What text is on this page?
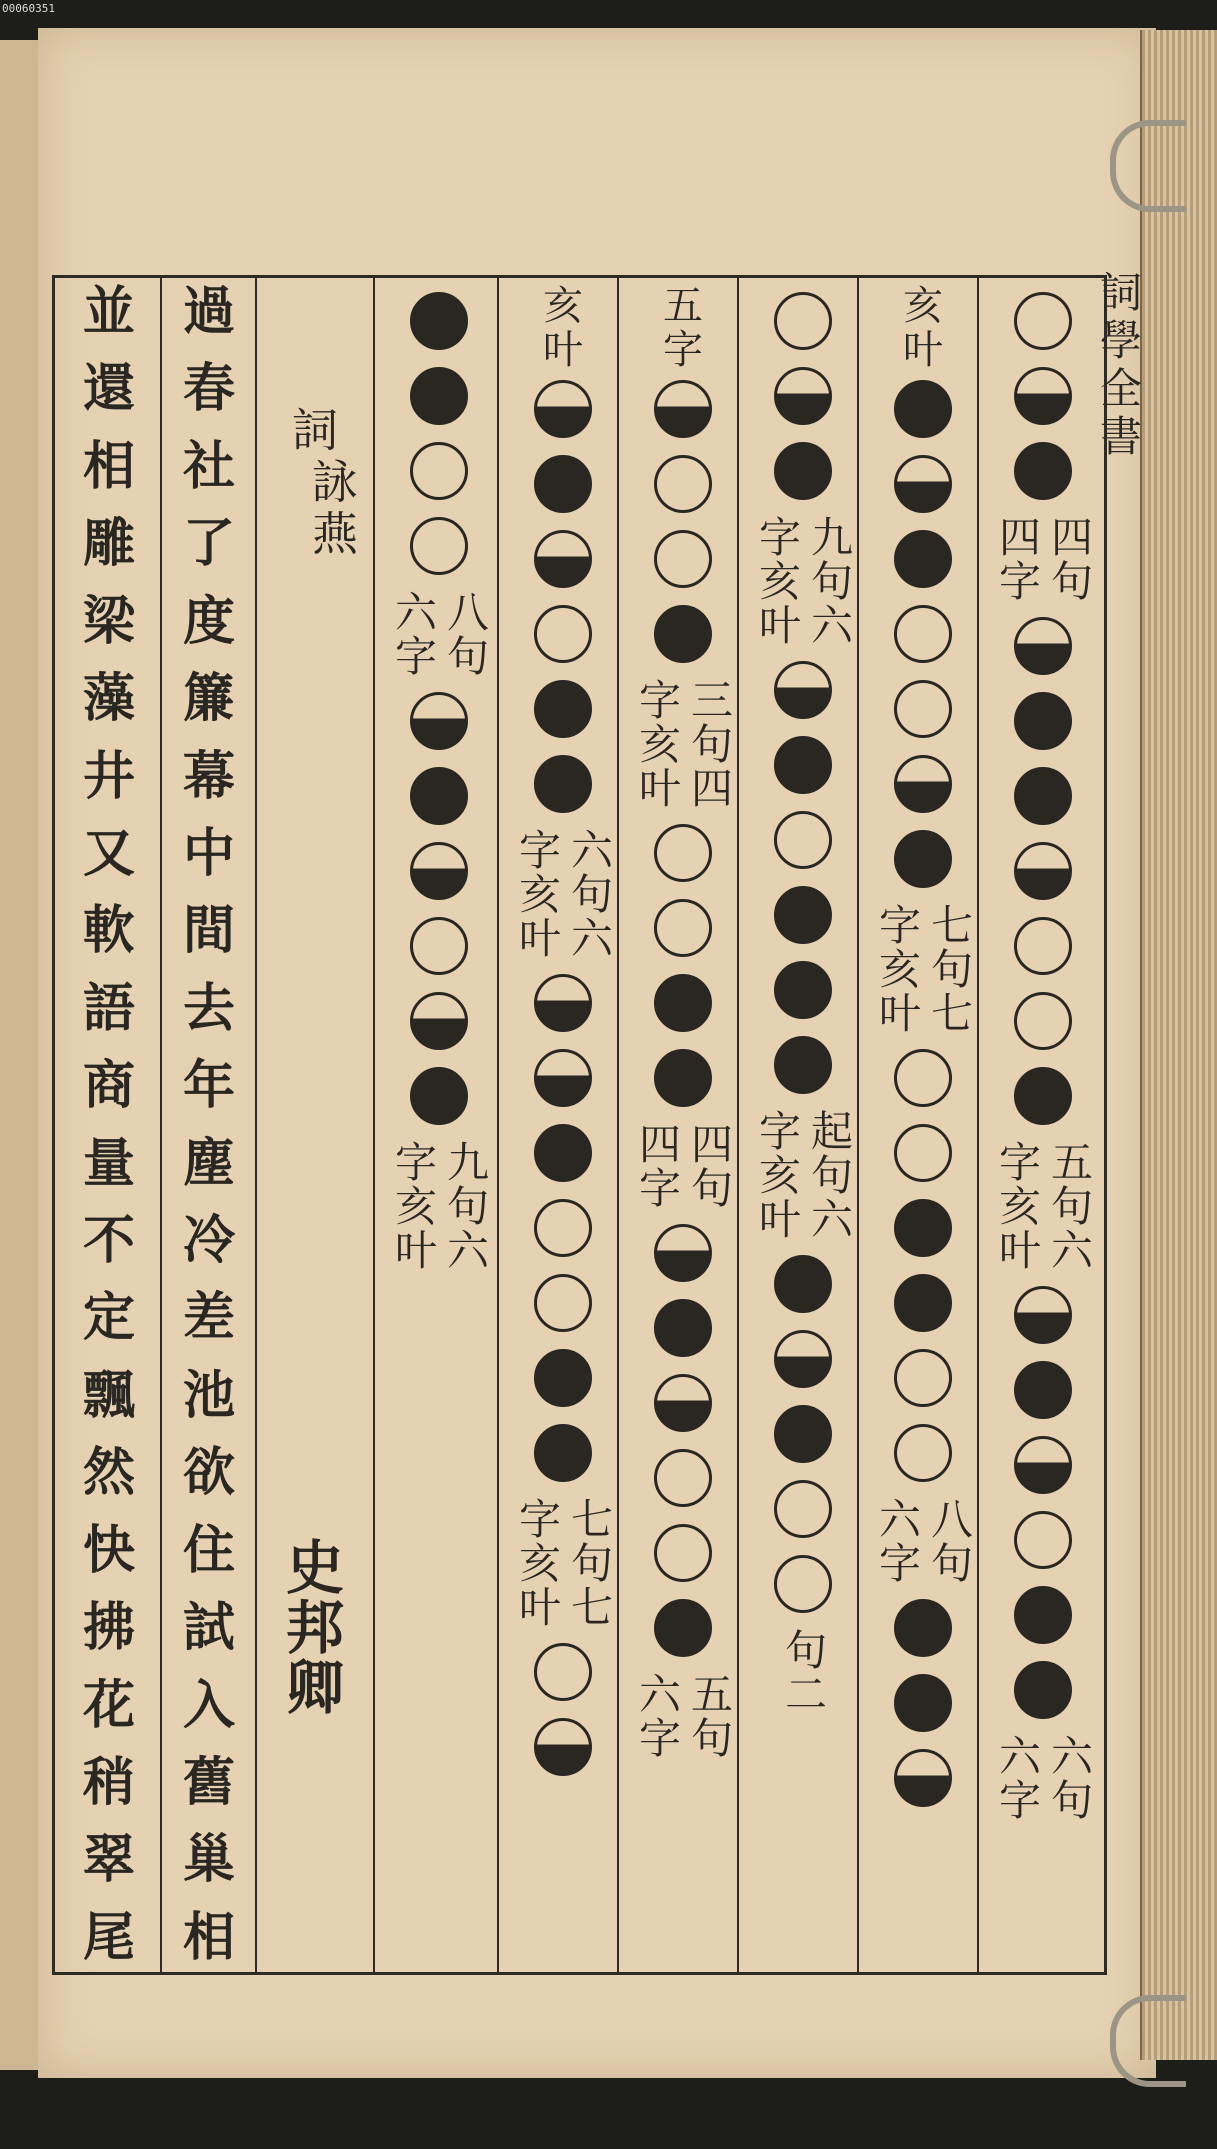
00060351
詞學全書
四句
四字
五句六
字亥叶
六句
六字
亥
叶
七句七
字亥叶
八句
六字
九句六
字亥叶
起句六
字亥叶
句二
五
字
三句四
字亥叶
四句
四字
五句
六字
亥
叶
六句六
字亥叶
七句七
字亥叶
八句
六字
九句六
字亥叶
詞
詠
燕
史
邦
卿
過
春
社
了
度
簾
幕
中
間
去
年
塵
冷
差
池
欲
住
試
入
舊
巢
相
並
還
相
雕
梁
藻
井
又
軟
語
商
量
不
定
飄
然
快
拂
花
稍
翠
尾
